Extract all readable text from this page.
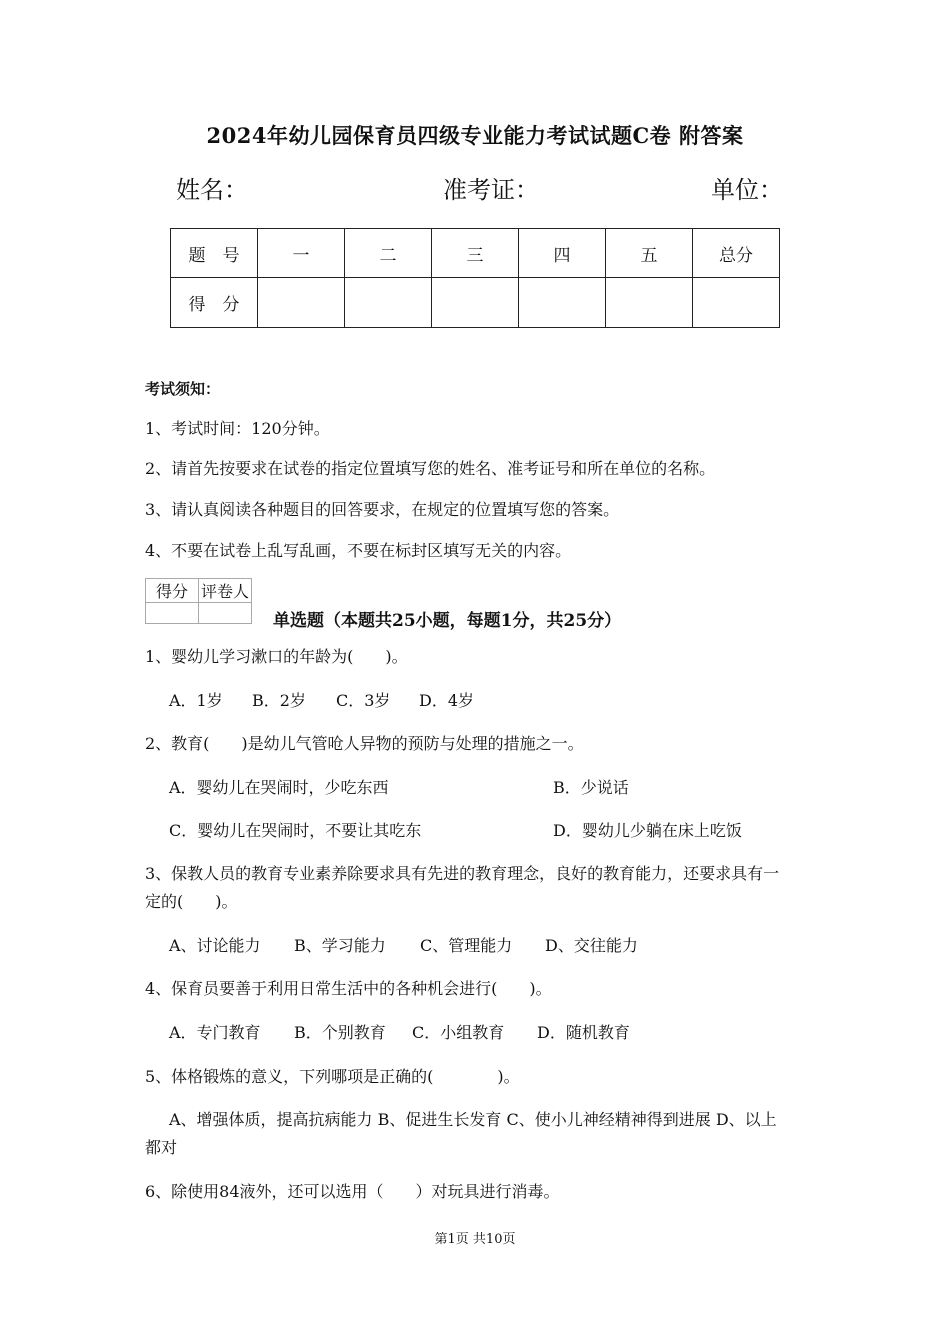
2024年幼儿园保育员四级专业能力考试试题C卷 附答案
姓名：	准考证：	单位：
题　号	一	二	三	四	五	总分
得　分						
考试须知：
1、考试时间：120分钟。
2、请首先按要求在试卷的指定位置填写您的姓名、准考证号和所在单位的名称。
3、请认真阅读各种题目的回答要求，在规定的位置填写您的答案。
4、不要在试卷上乱写乱画，不要在标封区填写无关的内容。
得分	评卷人

单选题（本题共25小题，每题1分，共25分）
1、婴幼儿学习漱口的年龄为(　　)。
A．1岁 B．2岁 C．3岁 D．4岁
2、教育(　　)是幼儿气管呛人异物的预防与处理的措施之一。
A．婴幼儿在哭闹时，少吃东西	B．少说话
C．婴幼儿在哭闹时，不要让其吃东	D．婴幼儿少躺在床上吃饭
3、保教人员的教育专业素养除要求具有先进的教育理念，良好的教育能力，还要求具有一
定的(　　)。
A、讨论能力 B、学习能力 C、管理能力 D、交往能力
4、保育员要善于利用日常生活中的各种机会进行(　　)。
A．专门教育 B．个别教育 C．小组教育 D．随机教育
5、体格锻炼的意义，下列哪项是正确的(　　　　)。
A、增强体质，提高抗病能力 B、促进生长发育 C、使小儿神经精神得到进展 D、以上
都对
6、除使用84液外，还可以选用（　　）对玩具进行消毒。
第1页 共10页
